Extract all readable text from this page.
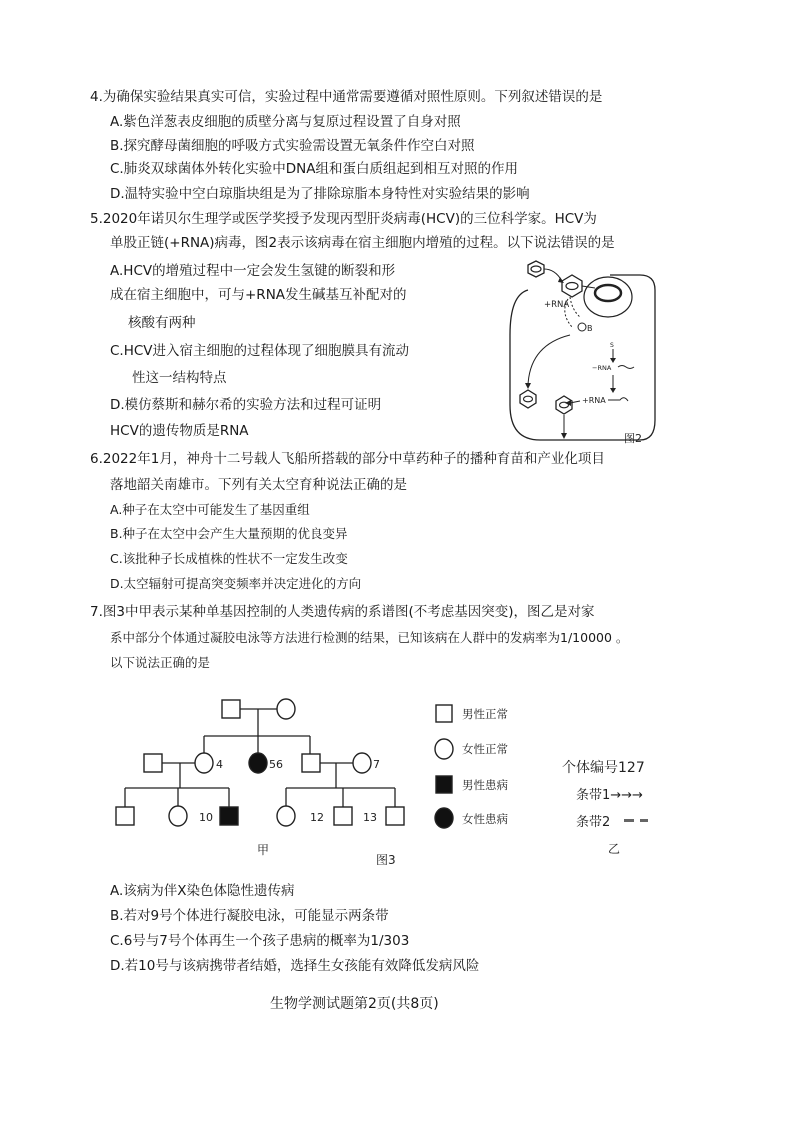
4.为确保实验结果真实可信，实验过程中通常需要遵循对照性原则。下列叙述错误的是
A.紫色洋葱表皮细胞的质壁分离与复原过程设置了自身对照
B.探究酵母菌细胞的呼吸方式实验需设置无氧条件作空白对照
C.肺炎双球菌体外转化实验中DNA组和蛋白质组起到相互对照的作用
D.温特实验中空白琼脂块组是为了排除琼脂本身特性对实验结果的影响
5.2020年诺贝尔生理学或医学奖授予发现丙型肝炎病毒(HCV)的三位科学家。HCV为
单股正链(+RNA)病毒，图2表示该病毒在宿主细胞内增殖的过程。以下说法错误的是
A.HCV的增殖过程中一定会发生氢键的断裂和形
成在宿主细胞中，可与+RNA发生碱基互补配对的
核酸有两种
C.HCV进入宿主细胞的过程体现了细胞膜具有流动
性这一结构特点
D.模仿蔡斯和赫尔希的实验方法和过程可证明
HCV的遗传物质是RNA
+RNA
B
S
−RNA
+RNA
图2
6.2022年1月，神舟十二号载人飞船所搭载的部分中草药种子的播种育苗和产业化项目
落地韶关南雄市。下列有关太空育种说法正确的是
A.种子在太空中可能发生了基因重组
B.种子在太空中会产生大量预期的优良变异
C.该批种子长成植株的性状不一定发生改变
D.太空辐射可提高突变频率并决定进化的方向
7.图3中甲表示某种单基因控制的人类遗传病的系谱图(不考虑基因突变)，图乙是对家
系中部分个体通过凝胶电泳等方法进行检测的结果，已知该病在人群中的发病率为1/10000 。
以下说法正确的是
4	56	7
10	12	13
甲
图3
男性正常
女性正常
男性患病
女性患病
个体编号127
条带1→→→
条带2
乙
A.该病为伴X染色体隐性遗传病
B.若对9号个体进行凝胶电泳，可能显示两条带
C.6号与7号个体再生一个孩子患病的概率为1/303
D.若10号与该病携带者结婚，选择生女孩能有效降低发病风险
生物学测试题第2页(共8页)
